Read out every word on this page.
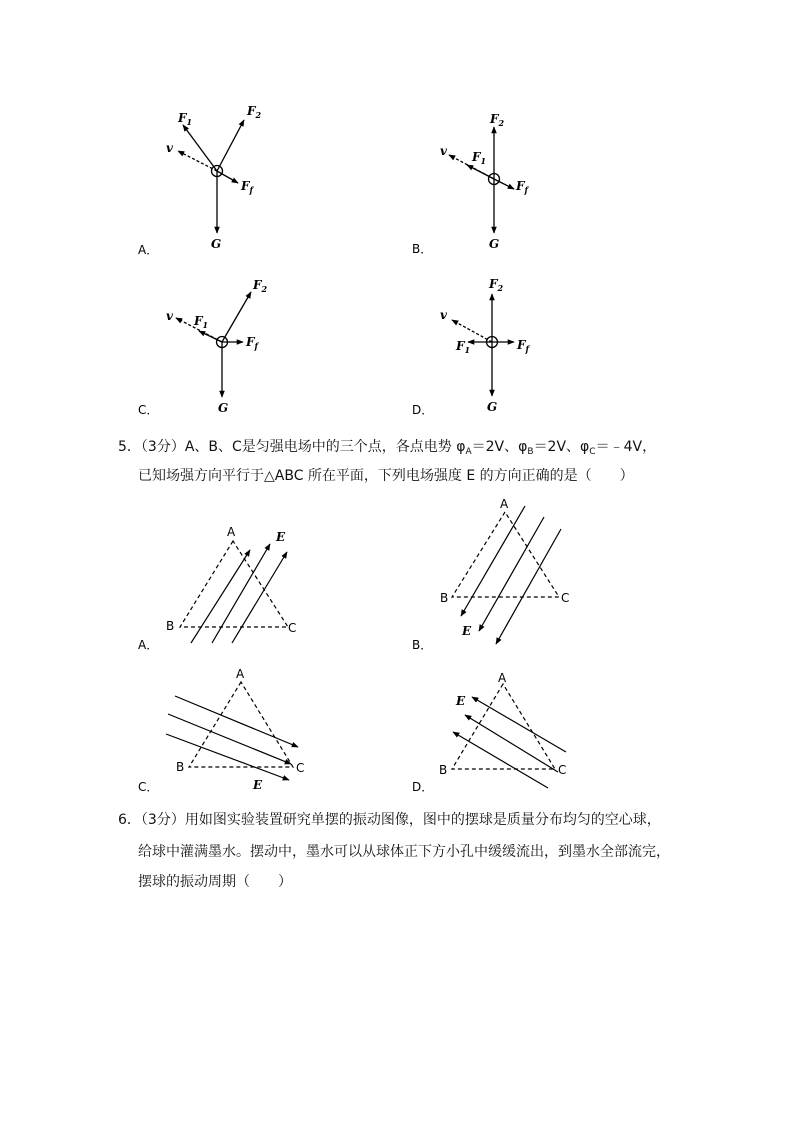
$F_1$
$F_2$
v
$F_f$
G
A．
$F_2$
v $F_1$
$F_f$
G
B．
$F_2$
v $F_1$
$F_f$
G
C．
$F_2$
v
$F_1$	$F_f$
G
D．
A
B	C
E
A．
A
B	C
E
B．
A
B	C
E
C．
A
B	C
E
D．
5．（3分）A、B、C是匀强电场中的三个点，各点电势 $\varphi_A=2V$、$\varphi_B=2V$、$\varphi_C=﹣4V$，
已知场强方向平行于△ABC 所在平面，下列电场强度 E 的方向正确的是（　　）
6．（3分）用如图实验装置研究单摆的振动图像，图中的摆球是质量分布均匀的空心球，
给球中灌满墨水。摆动中，墨水可以从球体正下方小孔中缓缓流出，到墨水全部流完，
摆球的振动周期（　　）
